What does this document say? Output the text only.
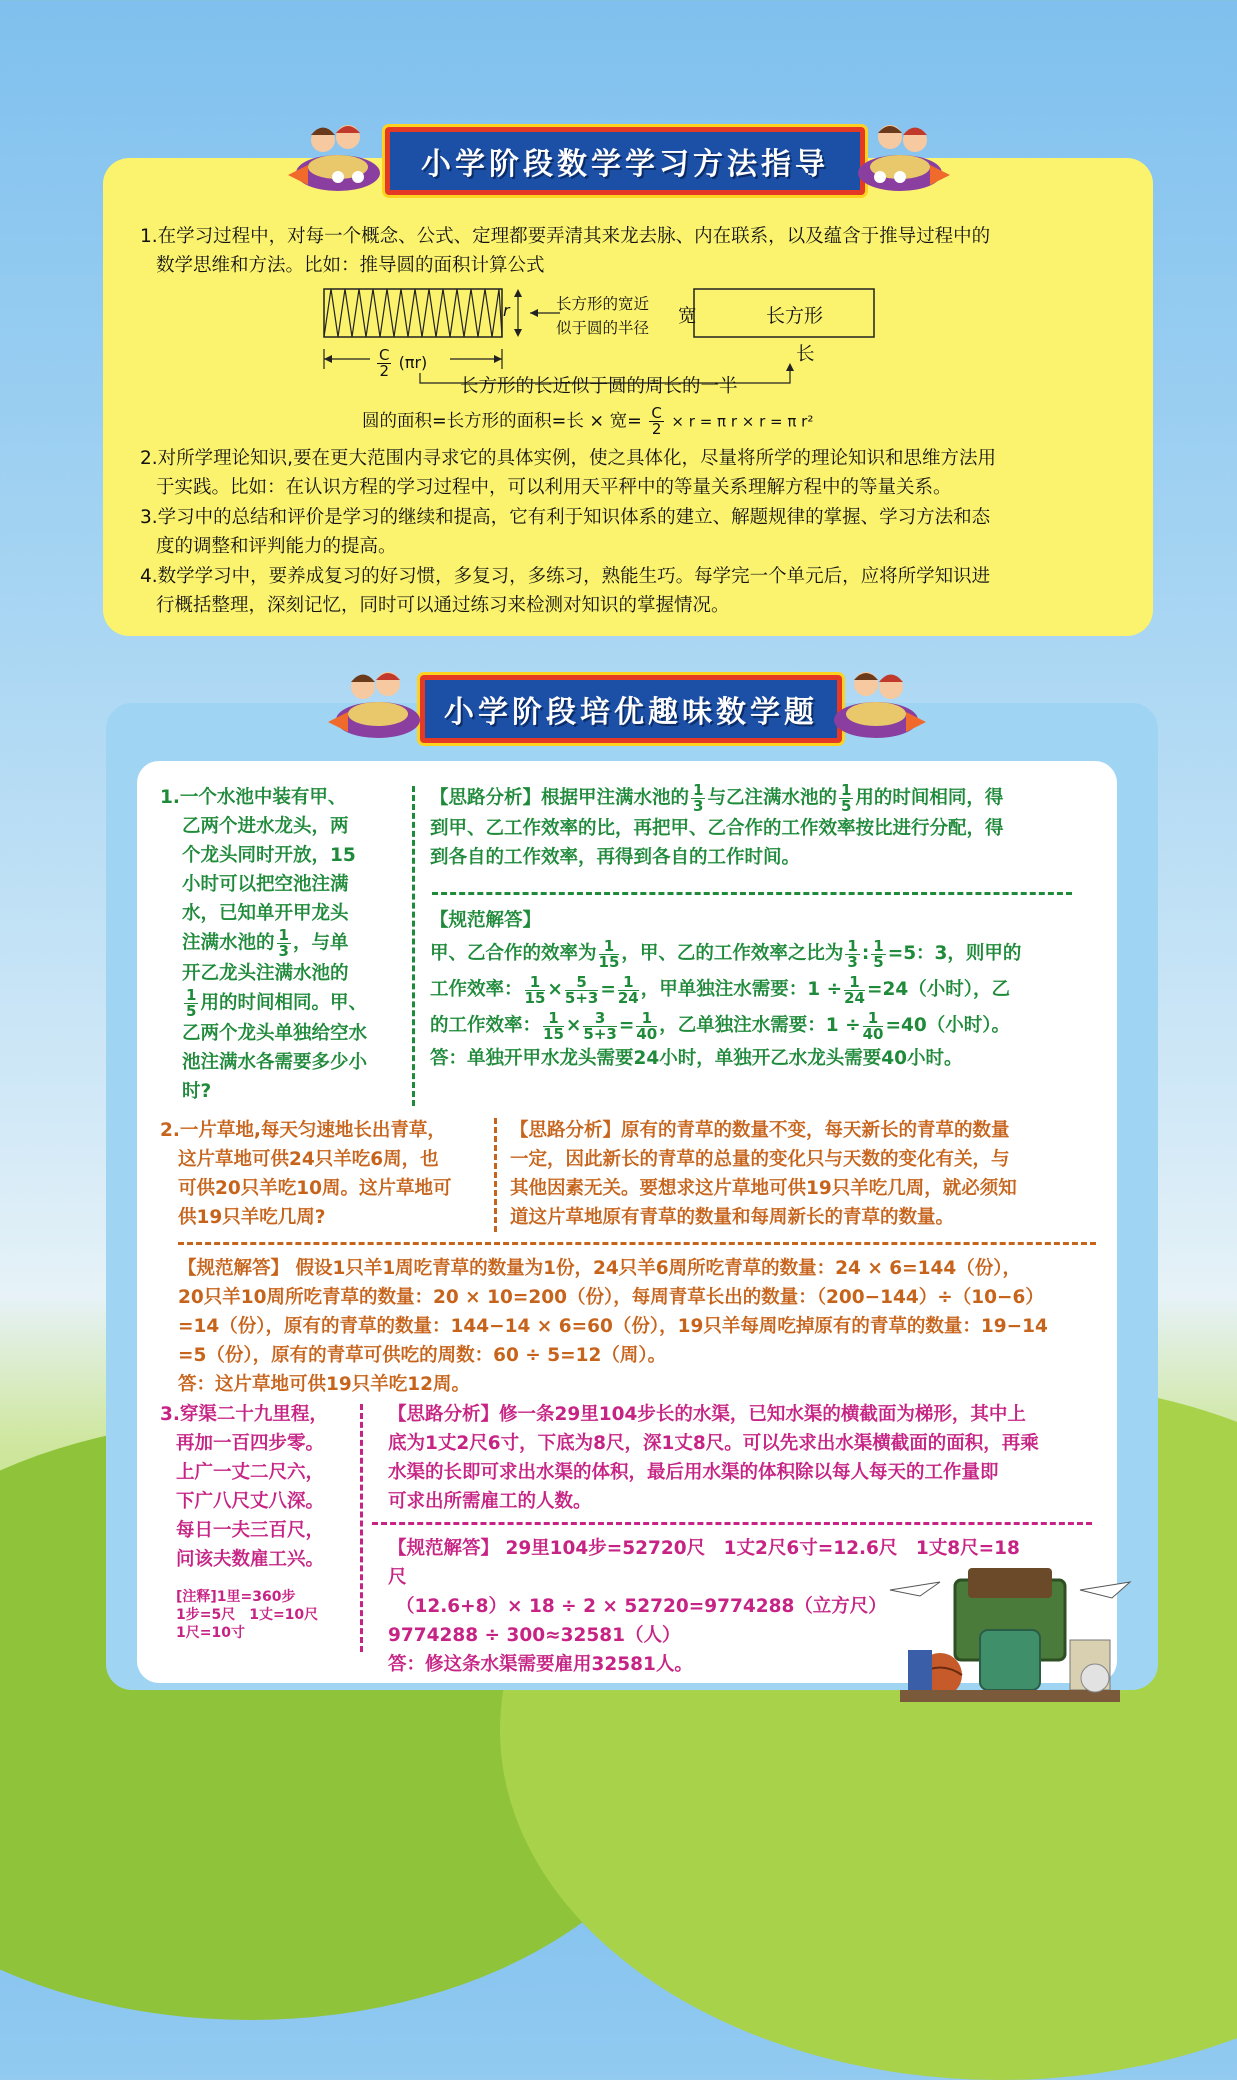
小学阶段数学学习方法指导

1.在学习过程中，对每一个概念、公式、定理都要弄清其来龙去脉、内在联系，以及蕴含于推导过程中的

数学思维和方法。比如：推导圆的面积计算公式

r	长方形的宽近

似于圆的半径

宽	长方形
长
$\frac{C}{2} (\pi r)$
长方形的长近似于圆的周长的一半
圆的面积=长方形的面积=长 × 宽= $\frac{C}{2} \times r = \pi$ r × r = π r²

2.对所学理论知识,要在更大范围内寻求它的具体实例，使之具体化，尽量将所学的理论知识和思维方法用

于实践。比如：在认识方程的学习过程中，可以利用天平秤中的等量关系理解方程中的等量关系。

3.学习中的总结和评价是学习的继续和提高，它有利于知识体系的建立、解题规律的掌握、学习方法和态

度的调整和评判能力的提高。

4.数学学习中，要养成复习的好习惯，多复习，多练习，熟能生巧。每学完一个单元后，应将所学知识进

行概括整理，深刻记忆，同时可以通过练习来检测对知识的掌握情况。

小学阶段培优趣味数学题

1.一个水池中装有甲、

乙两个进水龙头，两

个龙头同时开放，15

小时可以把空池注满

水，已知单开甲龙头

注满水池的 $\frac{1}{3}$ ，与单

开乙龙头注满水池的

$\frac{1}{5}$ 用的时间相同。甲、

乙两个龙头单独给空水

池注满水各需要多少小

时?

【思路分析】根据甲注满水池的 $\frac{1}{3}$ 与乙注满水池的 $\frac{1}{5}$ 用的时间相同，得

到甲、乙工作效率的比，再把甲、乙合作的工作效率按比进行分配，得

到各自的工作效率，再得到各自的工作时间。

【规范解答】

甲、乙合作的效率为 $\frac{1}{15}$ ，甲、乙的工作效率之比为 $\frac{1}{3}$ : $\frac{1}{5} =5$：3，则甲的

工作效率： $\frac{1}{15} \times \frac{5}{5+3} = \frac{1}{24}$ ，甲单独注水需要：$1 \div \frac{1}{24} =24$（小时），乙

的工作效率： $\frac{1}{15} \times \frac{3}{5+3} = \frac{1}{40}$ ，乙单独注水需要：$1 \div \frac{1}{40} =40$（小时）。

答：单独开甲水龙头需要24小时，单独开乙水龙头需要40小时。

2.一片草地,每天匀速地长出青草，

这片草地可供24只羊吃6周，也

可供20只羊吃10周。这片草地可

供19只羊吃几周?

【思路分析】原有的青草的数量不变，每天新长的青草的数量

一定，因此新长的青草的总量的变化只与天数的变化有关，与

其他因素无关。要想求这片草地可供19只羊吃几周，就必须知

道这片草地原有青草的数量和每周新长的青草的数量。

【规范解答】 假设1只羊1周吃青草的数量为1份，24只羊6周所吃青草的数量：24 × 6=144（份），

20只羊10周所吃青草的数量：20 × 10=200（份），每周青草长出的数量：（200−144）÷（10−6）

=14（份），原有的青草的数量：144−14 × 6=60（份），19只羊每周吃掉原有的青草的数量：19−14

=5（份），原有的青草可供吃的周数：60 ÷ 5=12（周）。

答：这片草地可供19只羊吃12周。

3.穿渠二十九里程，

再加一百四步零。

上广一丈二尺六，

下广八尺丈八深。

每日一夫三百尺，

问该夫数雇工兴。

[注释]1里=360步

1步=5尺　1丈=10尺

1尺=10寸

【思路分析】修一条29里104步长的水渠，已知水渠的横截面为梯形，其中上

底为1丈2尺6寸，下底为8尺，深1丈8尺。可以先求出水渠横截面的面积，再乘

水渠的长即可求出水渠的体积，最后用水渠的体积除以每人每天的工作量即

可求出所需雇工的人数。

【规范解答】 29里104步=52720尺　1丈2尺6寸=12.6尺　1丈8尺=18尺

（12.6+8）× 18 ÷ 2 × 52720=9774288（立方尺）

9774288 ÷ 300≈32581（人）

答：修这条水渠需要雇用32581人。
